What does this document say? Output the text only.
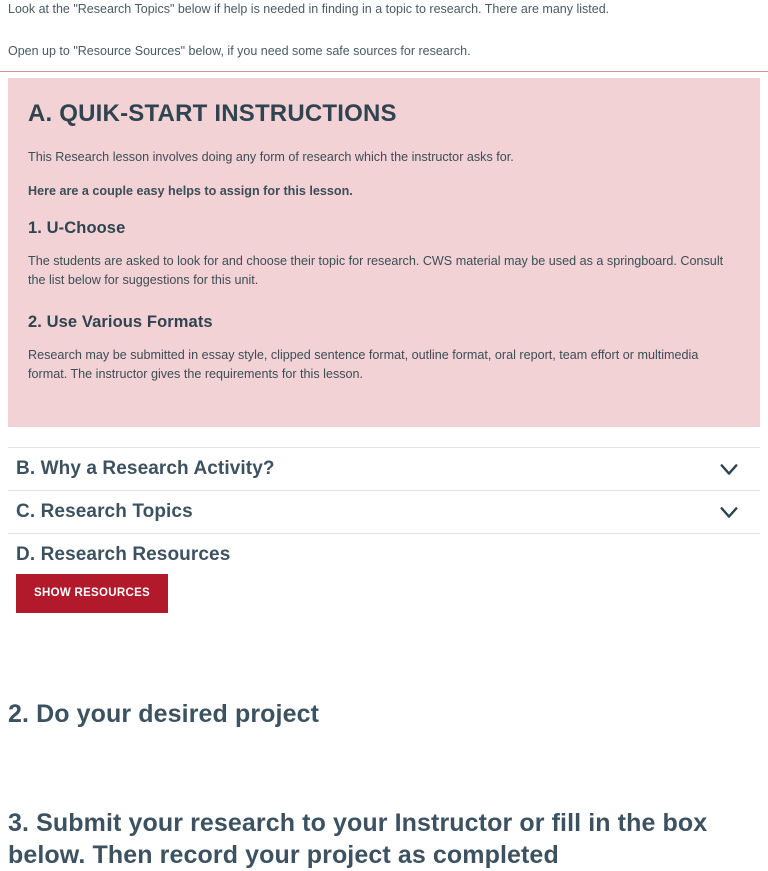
Look at the "Research Topics" below if help is needed in finding in a topic to research. There are many listed.

Open up to "Resource Sources" below, if you need some safe sources for research.

A. QUIK-START INSTRUCTIONS

This Research lesson involves doing any form of research which the instructor asks for.

Here are a couple easy helps to assign for this lesson.

1. U-Choose

The students are asked to look for and choose their topic for research. CWS material may be used as a springboard. Consult the list below for suggestions for this unit.

2. Use Various Formats

Research may be submitted in essay style, clipped sentence format, outline format, oral report, team effort or multimedia format. The instructor gives the requirements for this lesson.

B. Why a Research Activity?
C. Research Topics
D. Research Resources
SHOW RESOURCES
2. Do your desired project
3. Submit your research to your Instructor or fill in the box below. Then record your project as completed
